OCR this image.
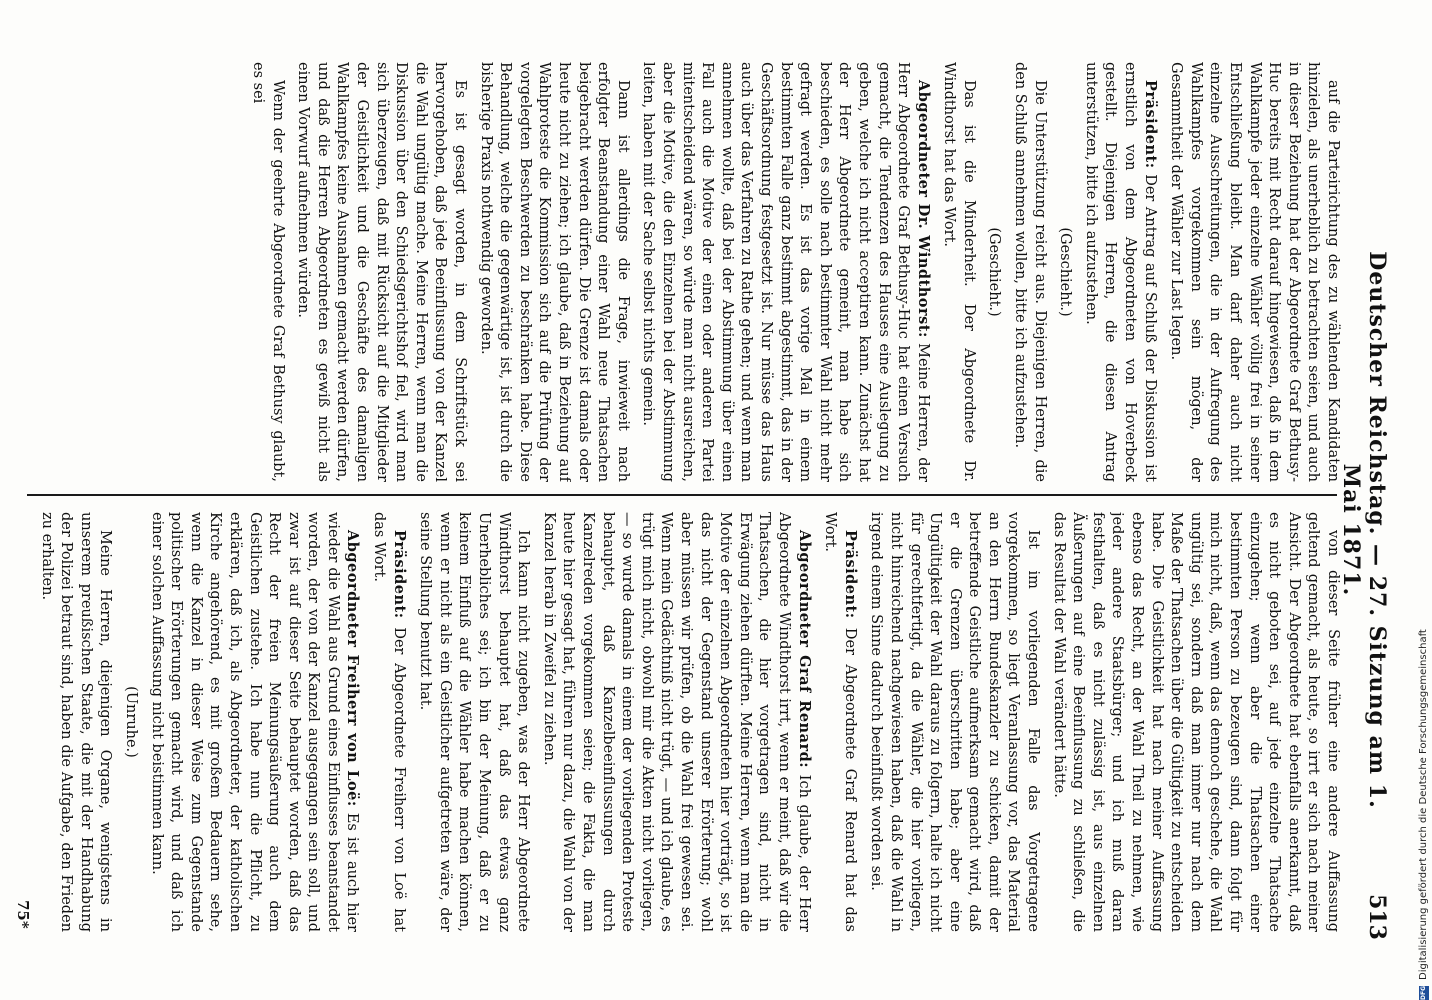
Deutscher Reichstag. — 27. Sitzung am 1. Mai 1871.
513

auf die Parteirichtung des zu wählenden Kandidaten hinzielen, als unerheblich zu betrachten seien, und auch in dieser Beziehung hat der Abgeordnete Graf Bethusy-Huc bereits mit Recht darauf hingewiesen, daß in dem Wahlkampfe jeder einzelne Wähler völlig frei in seiner Entschließung bleibt. Man darf daher auch nicht einzelne Ausschreitungen, die in der Aufregung des Wahlkampfes vorgekommen sein mögen, der Gesammtheit der Wähler zur Last legen.

Präsident: Der Antrag auf Schluß der Diskussion ist ernstlich von dem Abgeordneten von Hoverbeck gestellt. Diejenigen Herren, die diesen Antrag unterstützen, bitte ich aufzustehen.

(Geschieht.)

Die Unterstützung reicht aus. Diejenigen Herren, die den Schluß annehmen wollen, bitte ich aufzustehen.

(Geschieht.)

Das ist die Minderheit. Der Abgeordnete Dr. Windthorst hat das Wort.

Abgeordneter Dr. Windthorst: Meine Herren, der Herr Abgeordnete Graf Bethusy-Huc hat einen Versuch gemacht, die Tendenzen des Hauses eine Auslegung zu geben, welche ich nicht acceptiren kann. Zunächst hat der Herr Abgeordnete gemeint, man habe sich beschieden, es solle nach bestimmter Wahl nicht mehr gefragt werden. Es ist das vorige Mal in einem bestimmten Falle ganz bestimmt abgestimmt, das in der Geschäftsordnung festgesetzt ist. Nur müsse das Haus auch über das Verfahren zu Rathe gehen; und wenn man annehmen wollte, daß bei der Abstimmung über einen Fall auch die Motive der einen oder anderen Partei mitentscheidend wären, so würde man nicht ausreichen, aber die Motive, die den Einzelnen bei der Abstimmung leiten, haben mit der Sache selbst nichts gemein.

Dann ist allerdings die Frage, inwieweit nach erfolgter Beanstandung einer Wahl neue Thatsachen beigebracht werden dürfen. Die Grenze ist damals oder heute nicht zu ziehen; ich glaube, daß in Beziehung auf Wahlproteste die Kommission sich auf die Prüfung der vorgelegten Beschwerden zu beschränken habe. Diese Behandlung, welche die gegenwärtige ist, ist durch die bisherige Praxis nothwendig geworden.

Es ist gesagt worden, in dem Schriftstück sei hervorgehoben, daß jede Beeinflussung von der Kanzel die Wahl ungültig mache. Meine Herren, wenn man die Diskussion über den Schiedsgerichtshof fiel, wird man sich überzeugen, daß mit Rücksicht auf die Mitglieder der Geistlichkeit und die Geschäfte des damaligen Wahlkampfes keine Ausnahmen gemacht werden dürfen, und daß die Herren Abgeordneten es gewiß nicht als einen Vorwurf aufnehmen würden.

Wenn der geehrte Abgeordnete Graf Bethusy glaubt, es sei

von dieser Seite früher eine andere Auffassung geltend gemacht, als heute, so irrt er sich nach meiner Ansicht. Der Abgeordnete hat ebenfalls anerkannt, daß es nicht geboten sei, auf jede einzelne Thatsache einzugehen; wenn aber die Thatsachen einer bestimmten Person zu bezeugen sind, dann folgt für mich nicht, daß, wenn das dennoch geschehe, die Wahl ungültig sei, sondern daß man immer nur nach dem Maße der Thatsachen über die Gültigkeit zu entscheiden habe. Die Geistlichkeit hat nach meiner Auffassung ebenso das Recht, an der Wahl Theil zu nehmen, wie jeder andere Staatsbürger; und ich muß daran festhalten, daß es nicht zulässig ist, aus einzelnen Äußerungen auf eine Beeinflussung zu schließen, die das Resultat der Wahl verändert hätte.

Ist im vorliegenden Falle das Vorgetragene vorgekommen, so liegt Veranlassung vor, das Material an den Herrn Bundeskanzler zu schicken, damit der betreffende Geistliche aufmerksam gemacht wird, daß er die Grenzen überschritten habe; aber eine Ungültigkeit der Wahl daraus zu folgern, halte ich nicht für gerechtfertigt, da die Wähler, die hier vorliegen, nicht hinreichend nachgewiesen haben, daß die Wahl in irgend einem Sinne dadurch beeinflußt worden sei.

Präsident: Der Abgeordnete Graf Renard hat das Wort.

Abgeordneter Graf Renard: Ich glaube, der Herr Abgeordnete Windthorst irrt, wenn er meint, daß wir die Thatsachen, die hier vorgetragen sind, nicht in Erwägung ziehen dürften. Meine Herren, wenn man die Motive der einzelnen Abgeordneten hier vorträgt, so ist das nicht der Gegenstand unserer Erörterung; wohl aber müssen wir prüfen, ob die Wahl frei gewesen sei. Wenn mein Gedächtniß nicht trügt, — und ich glaube, es trügt mich nicht, obwohl mir die Akten nicht vorliegen, — so wurde damals in einem der vorliegenden Proteste behauptet, daß Kanzelbeeinflussungen durch Kanzelreden vorgekommen seien; die Fakta, die man heute hier gesagt hat, führen nur dazu, die Wahl von der Kanzel herab in Zweifel zu ziehen.

Ich kann nicht zugeben, was der Herr Abgeordnete Windthorst behauptet hat, daß das etwas ganz Unerhebliches sei; ich bin der Meinung, daß er zu keinem Einfluß auf die Wähler habe machen können, wenn er nicht als ein Geistlicher aufgetreten wäre, der seine Stellung benutzt hat.

Präsident: Der Abgeordnete Freiherr von Loë hat das Wort.

Abgeordneter Freiherr von Loë: Es ist auch hier wieder die Wahl aus Grund eines Einflusses beanstandet worden, der von der Kanzel ausgegangen sein soll, und zwar ist auf dieser Seite behauptet worden, daß das Recht der freien Meinungsäußerung auch dem Geistlichen zustehe. Ich habe nun die Pflicht, zu erklären, daß ich, als Abgeordneter, der katholischen Kirche angehörend, es mit großem Bedauern sehe, wenn die Kanzel in dieser Weise zum Gegenstande politischer Erörterungen gemacht wird, und daß ich einer solchen Auffassung nicht beistimmen kann.

(Unruhe.)

Meine Herren, diejenigen Organe, wenigstens in unserem preußischen Staate, die mit der Handhabung der Polizei betraut sind, haben die Aufgabe, den Frieden zu erhalten.

75*
DFG
Digitalisierung gefördert durch die Deutsche Forschungsgemeinschaft
